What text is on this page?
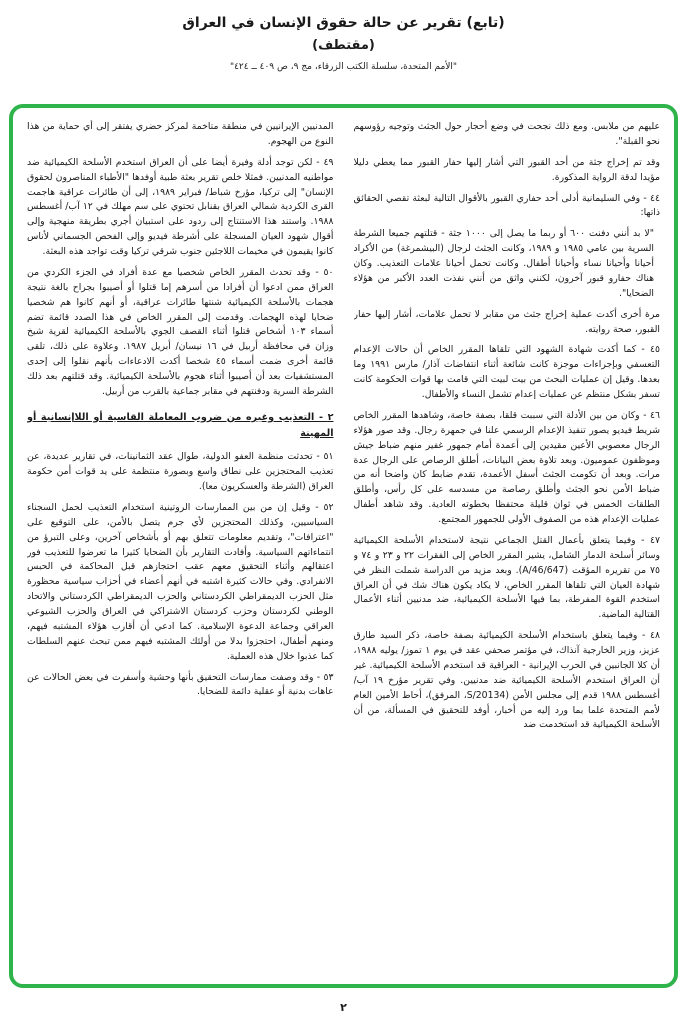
(تابع) تقرير عن حالة حقوق الإنسان في العراق
(مقتطف)
"الأمم المتحدة، سلسلة الكتب الزرقاء، مج ٩، ص ٤٠٩ ــ ٤٢٤"

عليهم من ملابس. ومع ذلك نجحت في وضع أحجار حول الجثث وتوجيه رؤوسهم نحو القبلة".

وقد تم إخراج جثة من أحد القبور التي أشار إليها حفار القبور مما يعطي دليلا مؤيدا لدقة الرواية المذكورة.

٤٤ - وفي السليمانية أدلى أحد حفاري القبور بالأقوال التالية لبعثة تقصي الحقائق ذاتها:

"لا بد أنني دفنت ٦٠٠ أو ربما ما يصل إلى ١٠٠٠ جثة - قتلتهم جميعا الشرطة السرية بين عامي ١٩٨٥ و ١٩٨٩، وكانت الجثث لرجال (البيشمرغة) من الأكراد أحيانا وأحيانا نساء وأحيانا أطفال. وكانت تحمل أحيانا علامات التعذيب. وكان هناك حفارو قبور آخرون، لكنني واثق من أنني نفذت العدد الأكبر من هؤلاء الضحايا".

مرة أخرى أكدت عملية إخراج جثث من مقابر لا تحمل علامات، أشار إليها حفار القبور، صحة روايته.

٤٥ - كما أكدت شهادة الشهود التي تلقاها المقرر الخاص أن حالات الإعدام التعسفي وبإجراءات موجزة كانت شائعة أثناء انتفاضات آذار/ مارس ١٩٩١ وما بعدها. وقيل إن عمليات البحث من بيت لبيت التي قامت بها قوات الحكومة كانت تسفر بشكل منتظم عن عمليات إعدام تشمل النساء والأطفال.

٤٦ - وكان من بين الأدلة التي سببت قلقا، بصفة خاصة، وشاهدها المقرر الخاص شريط فيديو يصور تنفيذ الإعدام الرسمي علنا في جمهرة رجال. وقد صور هؤلاء الرجال معصوبي الأعين مقيدين إلى أعمدة أمام جمهور غفير منهم ضباط جيش وموظفون عموميون. وبعد تلاوة بعض البيانات، أطلق الرصاص على الرجال عدة مرات. وبعد أن تكومت الجثث أسفل الأعمدة، تقدم ضابط كان واضحا أنه من ضباط الأمن نحو الجثث وأطلق رصاصة من مسدسه على كل رأس، وأطلق الطلقات الخمس في ثوان قليلة محتفظا بخطوته العادية. وقد شاهد أطفال عمليات الإعدام هذه من الصفوف الأولى للجمهور المجتمع.

٤٧ - وفيما يتعلق بأعمال القتل الجماعي نتيجة لاستخدام الأسلحة الكيميائية وسائر أسلحة الدمار الشامل، يشير المقرر الخاص إلى الفقرات ٢٢ و ٢٣ و ٧٤ و ٧٥ من تقريره المؤقت (A/46/647). وبعد مزيد من الدراسة شملت النظر في شهادة العيان التي تلقاها المقرر الخاص، لا يكاد يكون هناك شك في أن العراق استخدم القوة المفرطة، بما فيها الأسلحة الكيميائية، ضد مدنيين أثناء الأعمال القتالية الماضية.

٤٨ - وفيما يتعلق باستخدام الأسلحة الكيميائية بصفة خاصة، ذكر السيد طارق عزيز، وزير الخارجية آنذاك، في مؤتمر صحفي عقد في يوم ١ تموز/ يوليه ١٩٨٨، أن كلا الجانبين في الحرب الإيرانية - العراقية قد استخدم الأسلحة الكيميائية. غير أن العراق استخدم الأسلحة الكيميائية ضد مدنيين. وفي تقرير مؤرخ ١٩ آب/ أغسطس ١٩٨٨ قدم إلى مجلس الأمن (S/20134، المرفق)، أحاط الأمين العام لأمم المتحدة علما بما ورد إليه من أخبار، أوفد للتحقيق في المسألة، من أن الأسلحة الكيميائية قد استخدمت ضد

المدنيين الإيرانيين في منطقة متاخمة لمركز حضري يفتقر إلى أي حماية من هذا النوع من الهجوم.

٤٩ - لكن توجد أدلة وفيرة أيضا على أن العراق استخدم الأسلحة الكيميائية ضد مواطنيه المدنيين. فمثلا خلص تقرير بعثة طبية أوفدها "الأطباء المناصرون لحقوق الإنسان" إلى تركيا، مؤرخ شباط/ فبراير ١٩٨٩، إلى أن طائرات عراقية هاجمت القرى الكردية شمالي العراق بقنابل تحتوي على سم مهلك في ١٢ آب/ أغسطس ١٩٨٨. واستند هذا الاستنتاج إلى ردود على استبيان أجري بطريقة منهجية وإلى أقوال شهود العيان المسجلة على أشرطة فيديو وإلى الفحص الجسماني لأناس كانوا يقيمون في مخيمات اللاجئين جنوب شرقي تركيا وقت تواجد هذه البعثة.

٥٠ - وقد تحدث المقرر الخاص شخصيا مع عدة أفراد في الجزء الكردي من العراق ممن ادعوا أن أفرادا من أسرهم إما قتلوا أو أصيبوا بجراح بالغة نتيجة هجمات بالأسلحة الكيميائية شنتها طائرات عراقية، أو أنهم كانوا هم شخصيا ضحايا لهذه الهجمات. وقدمت إلى المقرر الخاص في هذا الصدد قائمة تضم أسماء ١٠٣ أشخاص قتلوا أثناء القصف الجوي بالأسلحة الكيميائية لقرية شيخ وزان في محافظة أربيل في ١٦ نيسان/ أبريل ١٩٨٧. وعلاوة على ذلك، تلقى قائمة أخرى ضمت أسماء ٤٥ شخصا أكدت الادعاءات بأنهم نقلوا إلى إحدى المستشفيات بعد أن أصيبوا أثناء هجوم بالأسلحة الكيميائية. وقد قتلتهم بعد ذلك الشرطة السرية ودفنتهم في مقابر جماعية بالقرب من أربيل.

٢ - التعذيب وغيره من ضروب المعاملة القاسية أو اللاإنسانية أو المهينة

٥١ - تحدثت منظمة العفو الدولية، طوال عقد الثمانينات، في تقارير عديدة، عن تعذيب المحتجزين على نطاق واسع وبصورة منتظمة على يد قوات أمن حكومة العراق (الشرطة والعسكريون معا).

٥٢ - وقيل إن من بين الممارسات الروتينية استخدام التعذيب لحمل السجناء السياسيين، وكذلك المحتجزين لأي جرم يتصل بالأمن، على التوقيع على "اعترافات"، وتقديم معلومات تتعلق بهم أو بأشخاص آخرين، وعلى التبرؤ من انتماءاتهم السياسية. وأفادت التقارير بأن الضحايا كثيرا ما تعرضوا للتعذيب فور اعتقالهم وأثناء التحقيق معهم عقب احتجازهم قبل المحاكمة في الحبس الانفرادي. وفي حالات كثيرة اشتبه في أنهم أعضاء في أحزاب سياسية محظورة مثل الحزب الديمقراطي الكردستاني والحزب الديمقراطي الكردستاني والاتحاد الوطني لكردستان وحزب كردستان الاشتراكي في العراق والحزب الشيوعي العراقي وجماعة الدعوة الإسلامية. كما ادعي أن أقارب هؤلاء المشتبه فيهم، ومنهم أطفال، احتجزوا بدلا من أولئك المشتبه فيهم ممن تبحث عنهم السلطات كما عذبوا خلال هذه العملية.

٥٣ - وقد وصفت ممارسات التحقيق بأنها وحشية وأسفرت في بعض الحالات عن عاهات بدنية أو عقلية دائمة للضحايا.

٢
